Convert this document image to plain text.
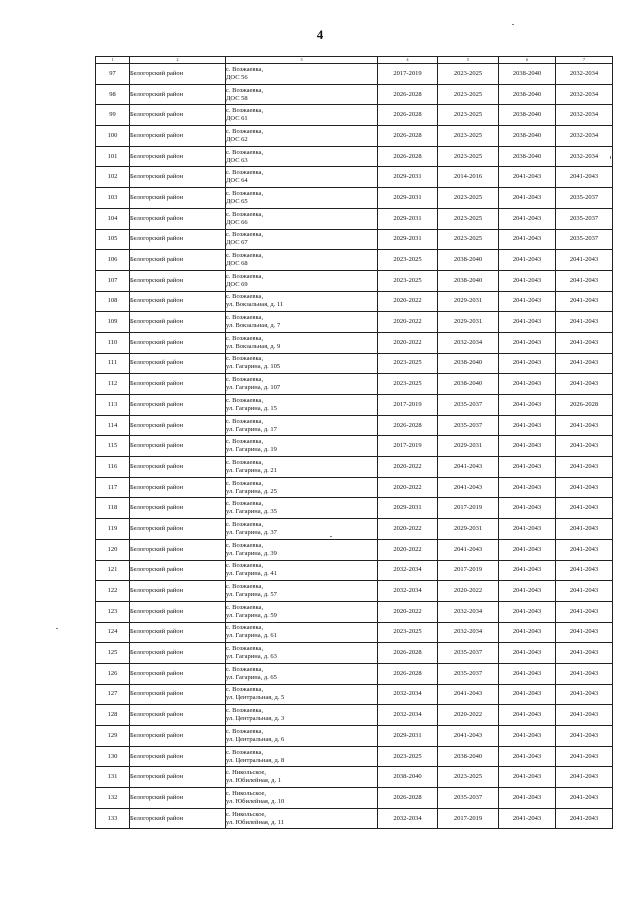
4
1	2	3	4	5	6	7
97	Белогорский район	с. Возжаевка,
ДОС 56	2017-2019	2023-2025	2038-2040	2032-2034
98	Белогорский район	с. Возжаевка,
ДОС 58	2026-2028	2023-2025	2038-2040	2032-2034
99	Белогорский район	с. Возжаевка,
ДОС 61	2026-2028	2023-2025	2038-2040	2032-2034
100	Белогорский район	с. Возжаевка,
ДОС 62	2026-2028	2023-2025	2038-2040	2032-2034
101	Белогорский район	с. Возжаевка,
ДОС 63	2026-2028	2023-2025	2038-2040	2032-2034
102	Белогорский район	с. Возжаевка,
ДОС 64	2029-2031	2014-2016	2041-2043	2041-2043
103	Белогорский район	с. Возжаевка,
ДОС 65	2029-2031	2023-2025	2041-2043	2035-2037
104	Белогорский район	с. Возжаевка,
ДОС 66	2029-2031	2023-2025	2041-2043	2035-2037
105	Белогорский район	с. Возжаевка,
ДОС 67	2029-2031	2023-2025	2041-2043	2035-2037
106	Белогорский район	с. Возжаевка,
ДОС 68	2023-2025	2038-2040	2041-2043	2041-2043
107	Белогорский район	с. Возжаевка,
ДОС 69	2023-2025	2038-2040	2041-2043	2041-2043
108	Белогорский район	с. Возжаевка,
ул. Вокзальная, д. 11	2020-2022	2029-2031	2041-2043	2041-2043
109	Белогорский район	с. Возжаевка,
ул. Вокзальная, д. 7	2020-2022	2029-2031	2041-2043	2041-2043
110	Белогорский район	с. Возжаевка,
ул. Вокзальная, д. 9	2020-2022	2032-2034	2041-2043	2041-2043
111	Белогорский район	с. Возжаевка,
ул. Гагарина, д. 105	2023-2025	2038-2040	2041-2043	2041-2043
112	Белогорский район	с. Возжаевка,
ул. Гагарина, д. 107	2023-2025	2038-2040	2041-2043	2041-2043
113	Белогорский район	с. Возжаевка,
ул. Гагарина, д. 15	2017-2019	2035-2037	2041-2043	2026-2028
114	Белогорский район	с. Возжаевка,
ул. Гагарина, д. 17	2026-2028	2035-2037	2041-2043	2041-2043
115	Белогорский район	с. Возжаевка,
ул. Гагарина, д. 19	2017-2019	2029-2031	2041-2043	2041-2043
116	Белогорский район	с. Возжаевка,
ул. Гагарина, д. 21	2020-2022	2041-2043	2041-2043	2041-2043
117	Белогорский район	с. Возжаевка,
ул. Гагарина, д. 25	2020-2022	2041-2043	2041-2043	2041-2043
118	Белогорский район	с. Возжаевка,
ул. Гагарина, д. 35	2029-2031	2017-2019	2041-2043	2041-2043
119	Белогорский район	с. Возжаевка,
ул. Гагарина, д. 37	2020-2022	2029-2031	2041-2043	2041-2043
120	Белогорский район	с. Возжаевка,
ул. Гагарина, д. 39	2020-2022	2041-2043	2041-2043	2041-2043
121	Белогорский район	с. Возжаевка,
ул. Гагарина, д. 41	2032-2034	2017-2019	2041-2043	2041-2043
122	Белогорский район	с. Возжаевка,
ул. Гагарина, д. 57	2032-2034	2020-2022	2041-2043	2041-2043
123	Белогорский район	с. Возжаевка,
ул. Гагарина, д. 59	2020-2022	2032-2034	2041-2043	2041-2043
124	Белогорский район	с. Возжаевка,
ул. Гагарина, д. 61	2023-2025	2032-2034	2041-2043	2041-2043
125	Белогорский район	с. Возжаевка,
ул. Гагарина, д. 63	2026-2028	2035-2037	2041-2043	2041-2043
126	Белогорский район	с. Возжаевка,
ул. Гагарина, д. 65	2026-2028	2035-2037	2041-2043	2041-2043
127	Белогорский район	с. Возжаевка,
ул. Центральная, д. 5	2032-2034	2041-2043	2041-2043	2041-2043
128	Белогорский район	с. Возжаевка,
ул. Центральная, д. 3	2032-2034	2020-2022	2041-2043	2041-2043
129	Белогорский район	с. Возжаевка,
ул. Центральная, д. 6	2029-2031	2041-2043	2041-2043	2041-2043
130	Белогорский район	с. Возжаевка,
ул. Центральная, д. 8	2023-2025	2038-2040	2041-2043	2041-2043
131	Белогорский район	с. Никольское,
ул. Юбилейная, д. 1	2038-2040	2023-2025	2041-2043	2041-2043
132	Белогорский район	с. Никольское,
ул. Юбилейная, д. 10	2026-2028	2035-2037	2041-2043	2041-2043
133	Белогорский район	с. Никольское,
ул. Юбилейная, д. 11	2032-2034	2017-2019	2041-2043	2041-2043
